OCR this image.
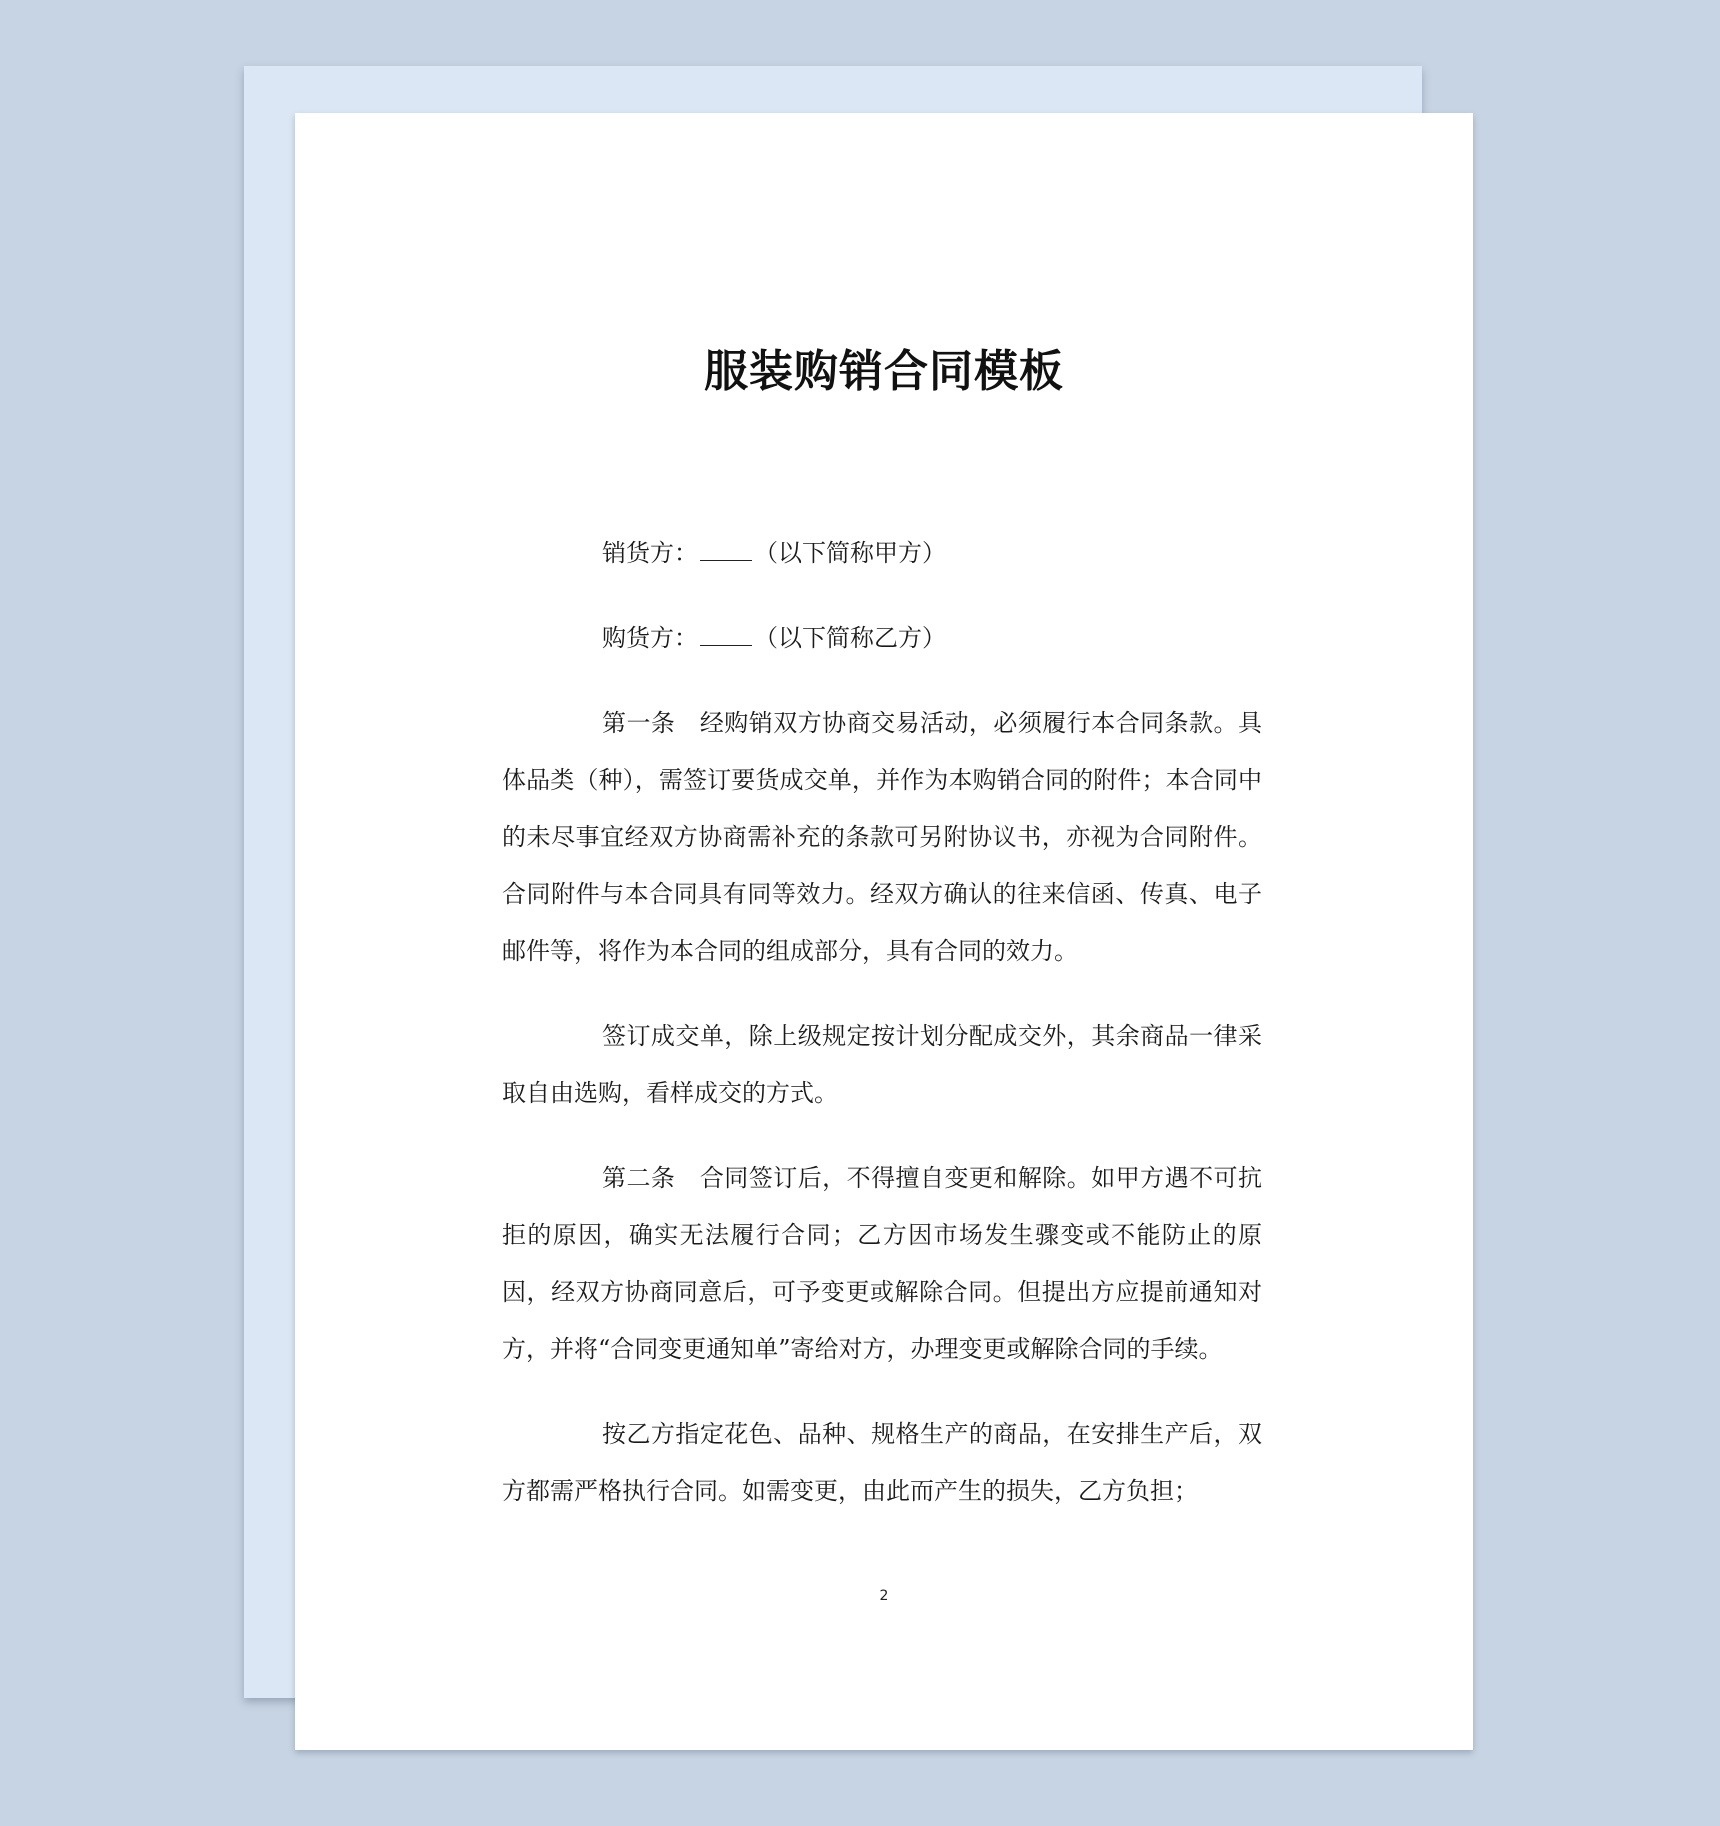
服装购销合同模板

销货方： （以下简称甲方）

购货方： （以下简称乙方）

第一条　经购销双方协商交易活动，必须履行本合同条款。具体品类（种），需签订要货成交单，并作为本购销合同的附件；本合同中的未尽事宜经双方协商需补充的条款可另附协议书，亦视为合同附件。合同附件与本合同具有同等效力。经双方确认的往来信函、传真、电子邮件等，将作为本合同的组成部分，具有合同的效力。

签订成交单，除上级规定按计划分配成交外，其余商品一律采取自由选购，看样成交的方式。

第二条　合同签订后，不得擅自变更和解除。如甲方遇不可抗拒的原因，确实无法履行合同；乙方因市场发生骤变或不能防止的原因，经双方协商同意后，可予变更或解除合同。但提出方应提前通知对方，并将“合同变更通知单”寄给对方，办理变更或解除合同的手续。

按乙方指定花色、品种、规格生产的商品，在安排生产后，双方都需严格执行合同。如需变更，由此而产生的损失，乙方负担；

2
